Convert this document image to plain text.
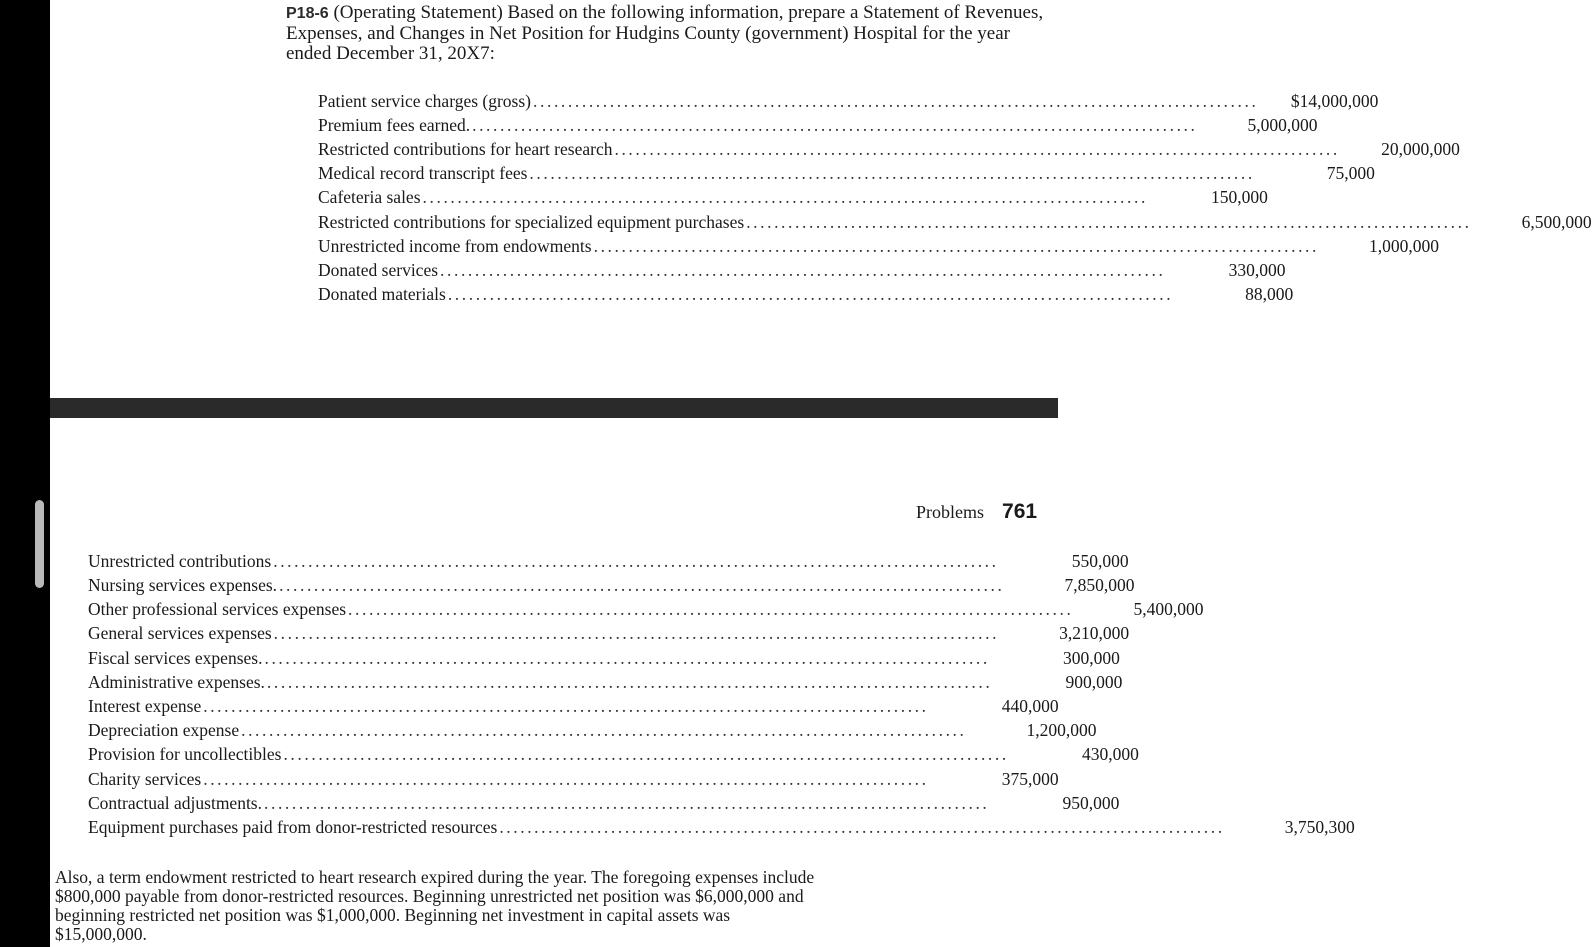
P18-6 (Operating Statement) Based on the following information, prepare a Statement of Revenues, Expenses, and Changes in Net Position for Hudgins County (government) Hospital for the year ended December 31, 20X7:
Patient service charges (gross) ........................................................................................................	$14,000,000
Premium fees earned. ........................................................................................................	5,000,000
Restricted contributions for heart research ........................................................................................................	20,000,000
Medical record transcript fees ........................................................................................................	75,000
Cafeteria sales ........................................................................................................	150,000
Restricted contributions for specialized equipment purchases ........................................................................................................	6,500,000
Unrestricted income from endowments ........................................................................................................	1,000,000
Donated services ........................................................................................................	330,000
Donated materials ........................................................................................................	88,000
Problems 761
Unrestricted contributions ........................................................................................................	550,000
Nursing services expenses. ........................................................................................................	7,850,000
Other professional services expenses ........................................................................................................	5,400,000
General services expenses ........................................................................................................	3,210,000
Fiscal services expenses. ........................................................................................................	300,000
Administrative expenses. ........................................................................................................	900,000
Interest expense ........................................................................................................	440,000
Depreciation expense ........................................................................................................	1,200,000
Provision for uncollectibles ........................................................................................................	430,000
Charity services ........................................................................................................	375,000
Contractual adjustments. ........................................................................................................	950,000
Equipment purchases paid from donor-restricted resources ........................................................................................................	3,750,300
Also, a term endowment restricted to heart research expired during the year. The foregoing expenses include $800,000 payable from donor-restricted resources. Beginning unrestricted net position was $6,000,000 and beginning restricted net position was $1,000,000. Beginning net investment in capital assets was $15,000,000.
